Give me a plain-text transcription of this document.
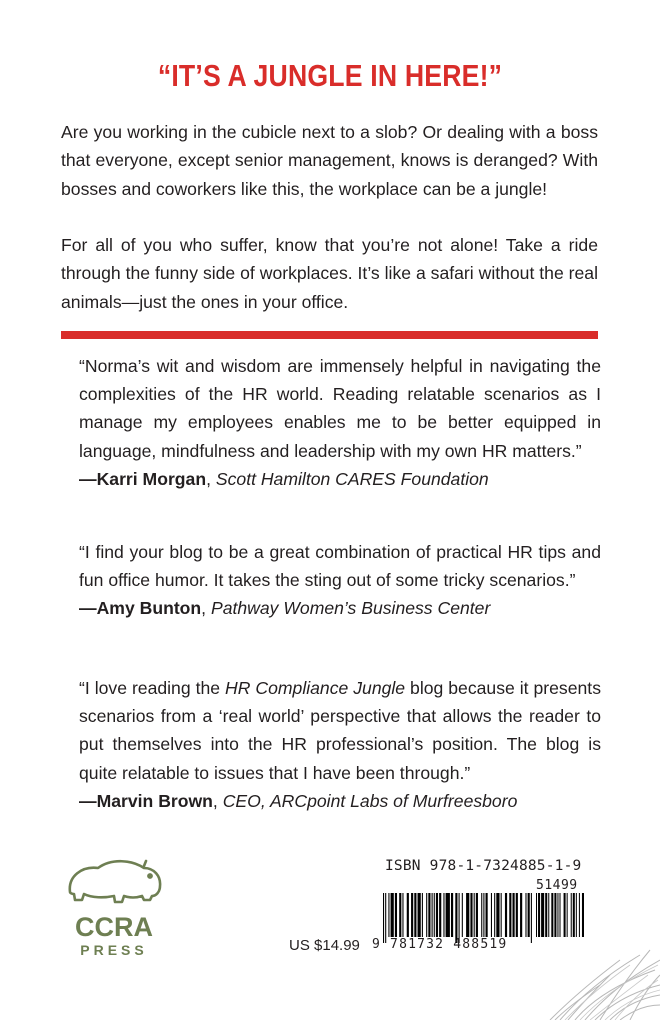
“IT’S A JUNGLE IN HERE!”

Are you working in the cubicle next to a slob? Or dealing with a boss that everyone, except senior management, knows is deranged? With bosses and coworkers like this, the workplace can be a jungle!

For all of you who suffer, know that you’re not alone! Take a ride through the funny side of workplaces. It’s like a safari without the real animals—just the ones in your office.

“Norma’s wit and wisdom are immensely helpful in navigating the complexities of the HR world. Reading relatable scenarios as I manage my employees enables me to be better equipped in language, mindfulness and leadership with my own HR matters.”
—Karri Morgan, Scott Hamilton CARES Foundation
“I find your blog to be a great combination of practical HR tips and fun office humor. It takes the sting out of some tricky scenarios.”
—Amy Bunton, Pathway Women’s Business Center
“I love reading the HR Compliance Jungle blog because it presents scenarios from a ‘real world’ perspective that allows the reader to put themselves into the HR professional’s position. The blog is quite relatable to issues that I have been through.”
—Marvin Brown, CEO, ARCpoint Labs of Murfreesboro
CCRA
PRESS	US $14.99
ISBN 978-1-7324885-1-9
51499
9 781732 488519
